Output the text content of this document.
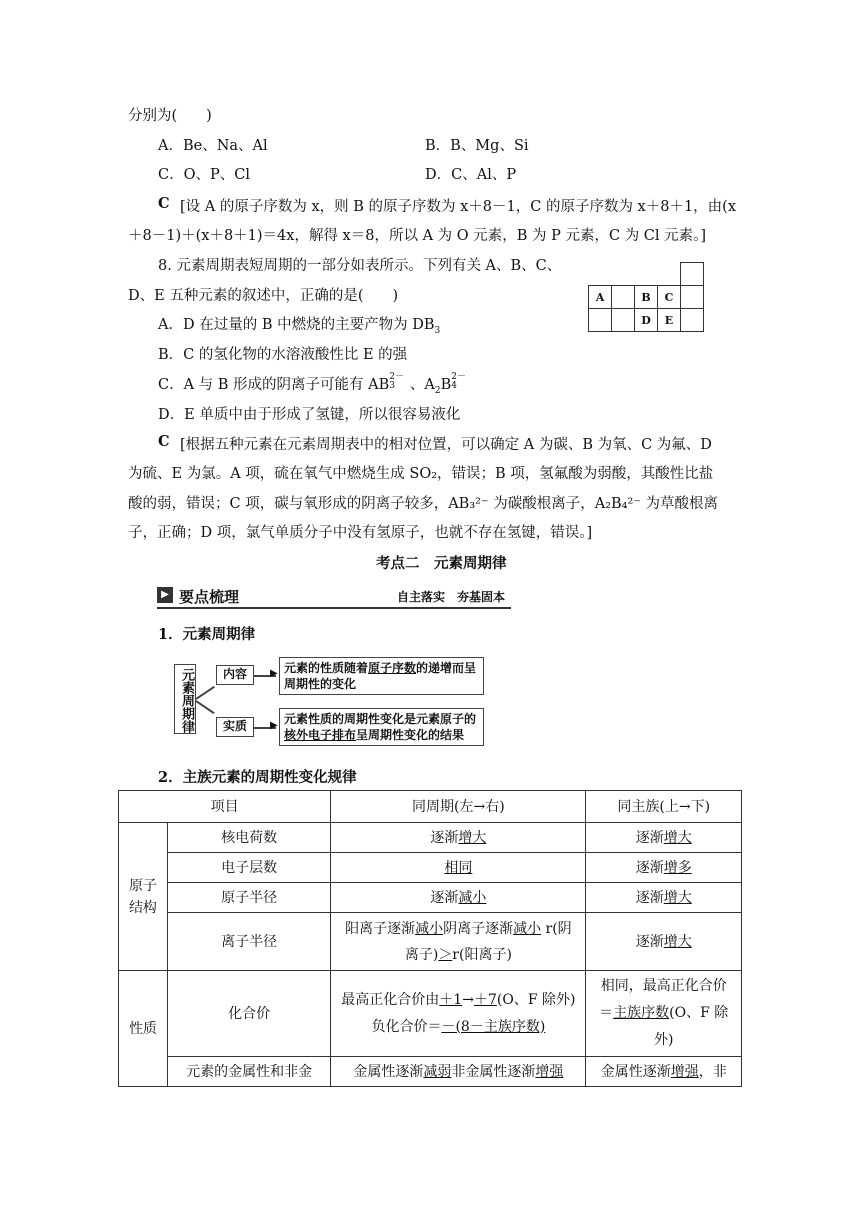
分别为(　　)
A．Be、Na、Al	B．B、Mg、Si
C．O、P、Cl	D．C、Al、P
C [设 A 的原子序数为 x，则 B 的原子序数为 x＋8－1，C 的原子序数为 x＋8＋1，由(x
＋8－1)＋(x＋8＋1)＝4x，解得 x＝8，所以 A 为 O 元素，B 为 P 元素，C 为 Cl 元素。]
8. 元素周期表短周期的一部分如表所示。下列有关 A、B、C、
D、E 五种元素的叙述中，正确的是(　　)
					A		B	C	
		D	E	
A．D 在过量的 B 中燃烧的主要产物为 $DB_3$
B．C 的氢化物的水溶液酸性比 E 的强
C．A 与 B 形成的阴离子可能有 AB 2－
3 、$A_2B$ 2－
4
D．E 单质中由于形成了氢键，所以很容易液化
C [根据五种元素在元素周期表中的相对位置，可以确定 A 为碳、B 为氧、C 为氟、D
为硫、E 为氯。A 项，硫在氧气中燃烧生成 SO₂，错误；B 项，氢氟酸为弱酸，其酸性比盐
酸的弱，错误；C 项，碳与氧形成的阴离子较多，AB₃²⁻ 为碳酸根离子，A₂B₄²⁻ 为草酸根离
子，正确；D 项，氯气单质分子中没有氢原子，也就不存在氢键，错误。]
考点二　元素周期律
▶ 要点梳理	自主落实　夯基固本
1．元素周期律
元素周期律	内容
实质
▶
▶
元素的性质随着原子序数的递增而呈
周期性的变化
元素性质的周期性变化是元素原子的
核外电子排布呈周期性变化的结果
2．主族元素的周期性变化规律
项目		同周期(左→右)	同主族(上→下)
原子结构	核电荷数	逐渐增大	逐渐增大
	电子层数	相同	逐渐增多
	原子半径	逐渐减小	逐渐增大
	离子半径	阳离子逐渐减小阴离子逐渐减小 r(阴
离子)＞r(阳离子)	逐渐增大
性质	化合价	最高正化合价由＋1→＋7(O、F 除外)
负化合价＝－(8－主族序数)	相同，最高正化合价
＝主族序数(O、F 除
外)
	元素的金属性和非金	金属性逐渐减弱非金属性逐渐增强	金属性逐渐增强，非
